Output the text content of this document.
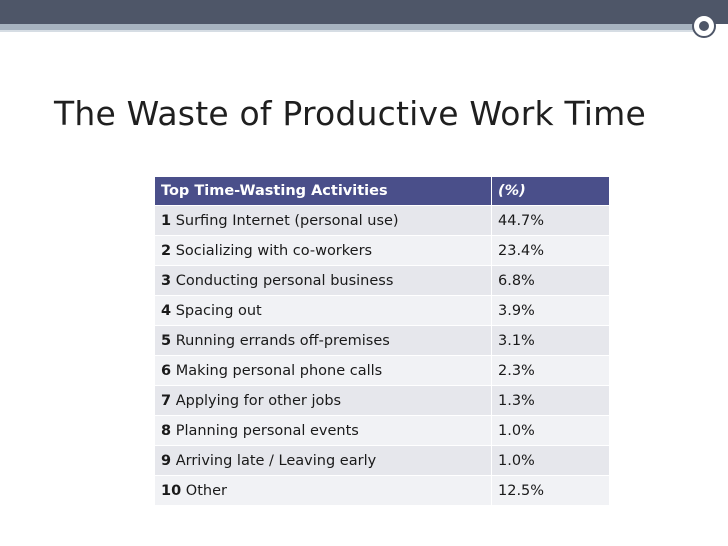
The Waste of Productive Work Time
Top Time-Wasting Activities	(%)
1 Surfing Internet (personal use)	44.7%
2 Socializing with co-workers	23.4%
3 Conducting personal business	6.8%
4 Spacing out	3.9%
5 Running errands off-premises	3.1%
6 Making personal phone calls	2.3%
7 Applying for other jobs	1.3%
8 Planning personal events	1.0%
9 Arriving late / Leaving early	1.0%
10 Other	12.5%
